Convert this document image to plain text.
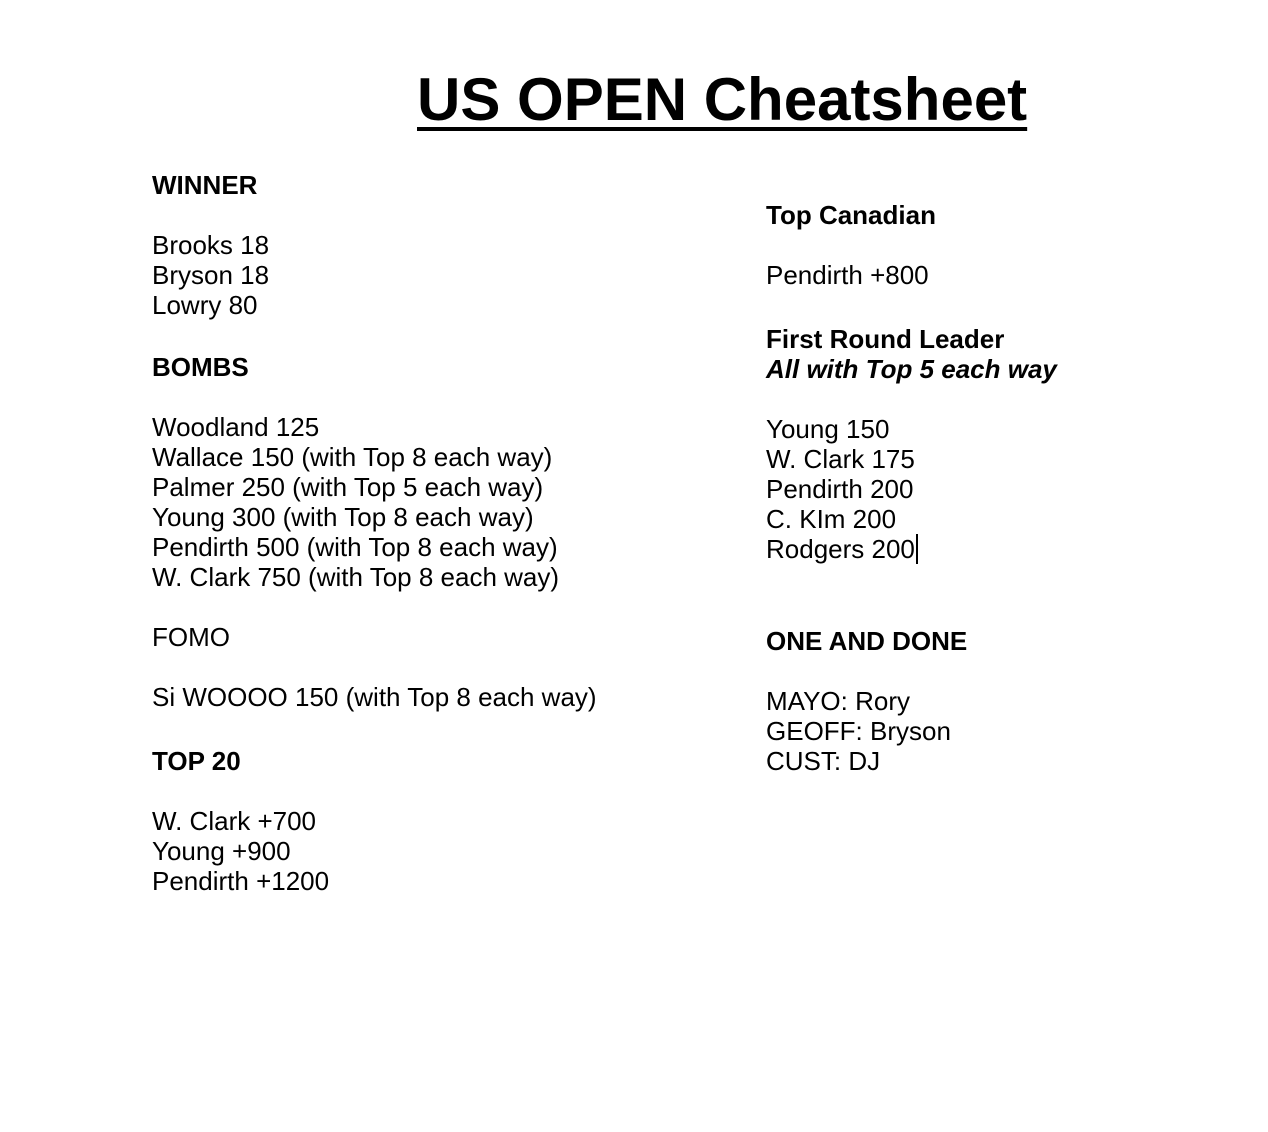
US OPEN Cheatsheet
WINNER
Brooks 18
Bryson 18
Lowry 80
BOMBS
Woodland 125
Wallace 150 (with Top 8 each way)
Palmer 250 (with Top 5 each way)
Young 300 (with Top 8 each way)
Pendirth 500 (with Top 8 each way)
W. Clark 750 (with Top 8 each way)
FOMO
Si WOOOO 150 (with Top 8 each way)
TOP 20
W. Clark +700
Young +900
Pendirth +1200
Top Canadian
Pendirth +800
First Round Leader
All with Top 5 each way
Young 150
W. Clark 175
Pendirth 200
C. KIm 200
Rodgers 200
ONE AND DONE
MAYO: Rory
GEOFF: Bryson
CUST: DJ
